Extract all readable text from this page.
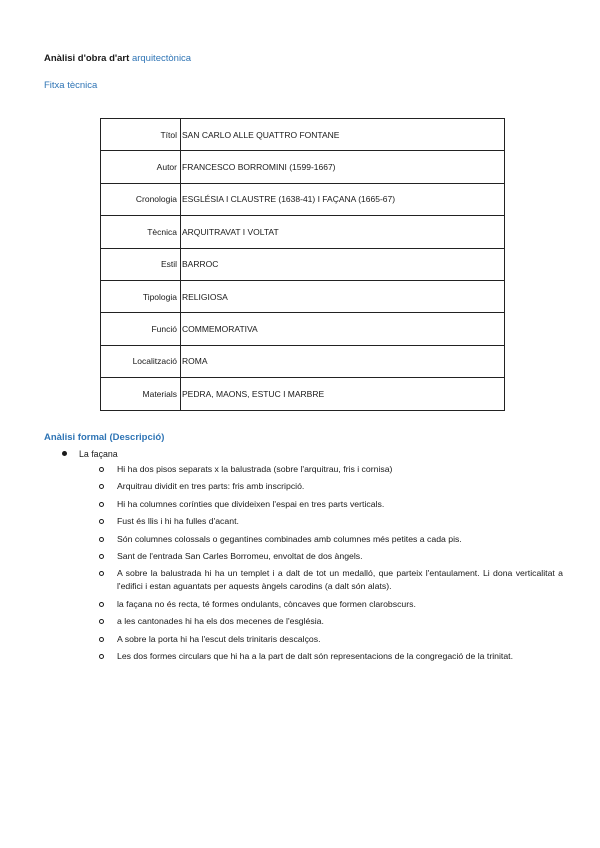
Anàlisi d'obra d'art arquitectònica
Fitxa tècnica
Títol	SAN CARLO ALLE QUATTRO FONTANE
Autor	FRANCESCO BORROMINI (1599-1667)
Cronologia	ESGLÉSIA I CLAUSTRE (1638-41) I FAÇANA (1665-67)
Tècnica	ARQUITRAVAT I VOLTAT
Estil	BARROC
Tipologia	RELIGIOSA
Funció	COMMEMORATIVA
Localització	ROMA
Materials	PEDRA, MAONS, ESTUC I MARBRE
Anàlisi formal (Descripció)
La façana
Hi ha dos pisos separats x la balustrada (sobre l'arquitrau, fris i cornisa)
Arquitrau dividit en tres parts: fris amb inscripció.
Hi ha columnes corínties que divideixen l'espai en tres parts verticals.
Fust és llis i hi ha fulles d'acant.
Són columnes colossals o gegantines combinades amb columnes més petites a cada pis.
Sant de l'entrada San Carles Borromeu, envoltat de dos àngels.
A sobre la balustrada hi ha un templet i a dalt de tot un medalló, que parteix l'entaulament. Li dona verticalitat a l'edifici i estan aguantats per aquests àngels carodins (a dalt són alats).
la façana no és recta, té formes ondulants, còncaves que formen clarobscurs.
a les cantonades hi ha els dos mecenes de l'església.
A sobre la porta hi ha l'escut dels trinitaris descalços.
Les dos formes circulars que hi ha a la part de dalt són representacions de la congregació de la trinitat.
